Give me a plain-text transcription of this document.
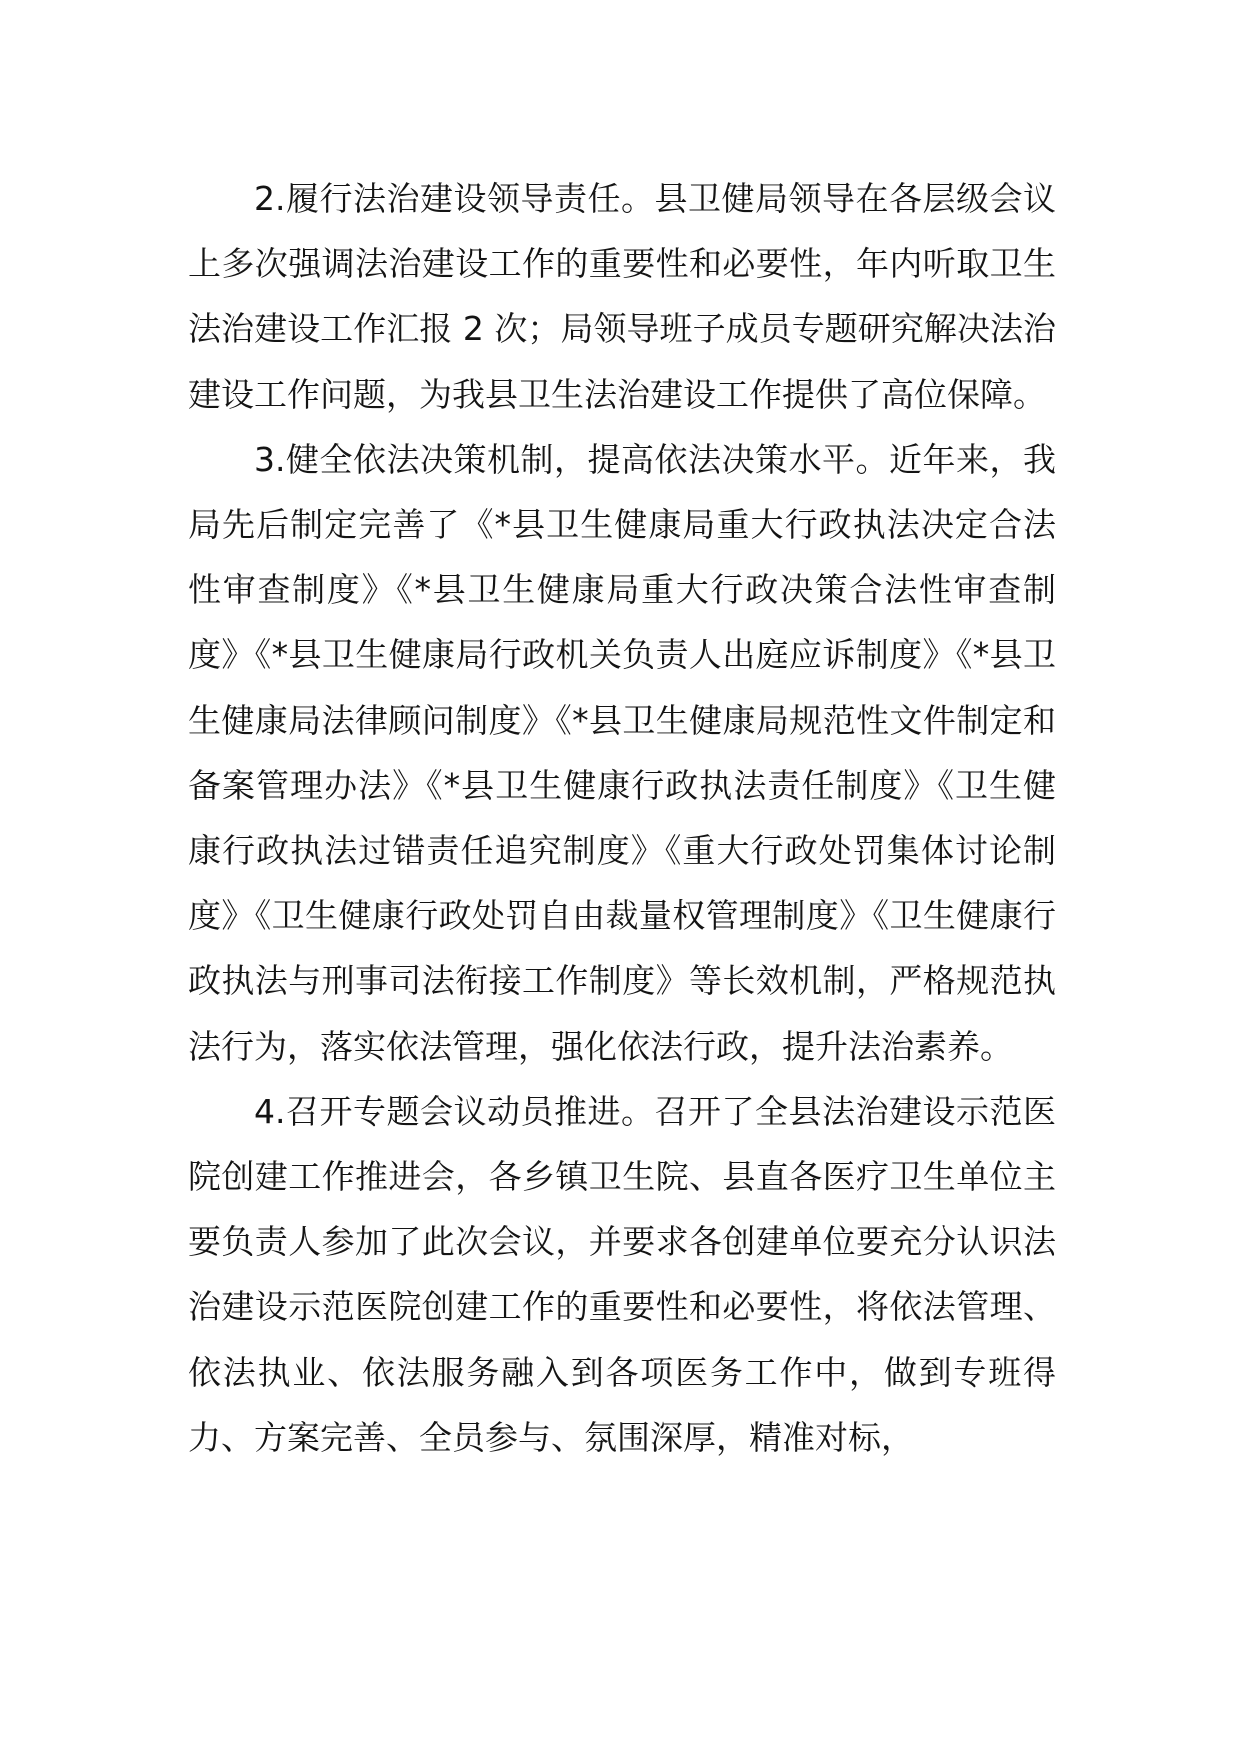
2.履行法治建设领导责任。县卫健局领导在各层级会议上多次强调法治建设工作的重要性和必要性，年内听取卫生法治建设工作汇报 2 次；局领导班子成员专题研究解决法治建设工作问题，为我县卫生法治建设工作提供了高位保障。

3.健全依法决策机制，提高依法决策水平。近年来，我局先后制定完善了《*县卫生健康局重大行政执法决定合法性审查制度》《*县卫生健康局重大行政决策合法性审查制度》《*县卫生健康局行政机关负责人出庭应诉制度》《*县卫生健康局法律顾问制度》《*县卫生健康局规范性文件制定和备案管理办法》《*县卫生健康行政执法责任制度》《卫生健康行政执法过错责任追究制度》《重大行政处罚集体讨论制度》《卫生健康行政处罚自由裁量权管理制度》《卫生健康行政执法与刑事司法衔接工作制度》等长效机制，严格规范执法行为，落实依法管理，强化依法行政，提升法治素养。

4.召开专题会议动员推进。召开了全县法治建设示范医院创建工作推进会，各乡镇卫生院、县直各医疗卫生单位主要负责人参加了此次会议，并要求各创建单位要充分认识法治建设示范医院创建工作的重要性和必要性，将依法管理、依法执业、依法服务融入到各项医务工作中，做到专班得力、方案完善、全员参与、氛围深厚，精准对标，
